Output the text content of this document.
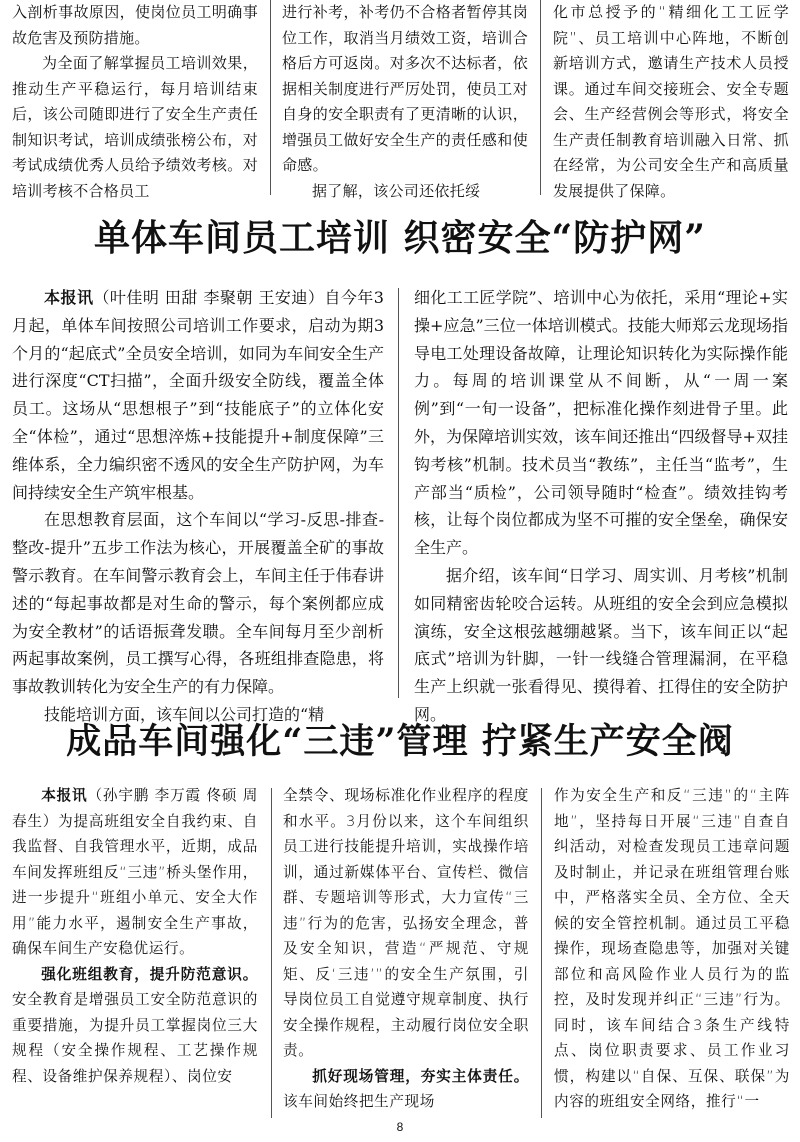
入剖析事故原因，使岗位员工明确事故危害及预防措施。

为全面了解掌握员工培训效果，推动生产平稳运行，每月培训结束后，该公司随即进行了安全生产责任制知识考试，培训成绩张榜公布，对考试成绩优秀人员给予绩效考核。对培训考核不合格员工

进行补考，补考仍不合格者暂停其岗位工作，取消当月绩效工资，培训合格后方可返岗。对多次不达标者，依据相关制度进行严厉处罚，使员工对自身的安全职责有了更清晰的认识，增强员工做好安全生产的责任感和使命感。

据了解，该公司还依托绥

化市总授予的“精细化工工匠学院”、员工培训中心阵地，不断创新培训方式，邀请生产技术人员授课。通过车间交接班会、安全专题会、生产经营例会等形式，将安全生产责任制教育培训融入日常、抓在经常，为公司安全生产和高质量发展提供了保障。

单体车间员工培训 织密安全“防护网”

本报讯（叶佳明 田甜 李聚朝 王安迪）自今年3月起，单体车间按照公司培训工作要求，启动为期3个月的“起底式”全员安全培训，如同为车间安全生产进行深度“CT扫描”，全面升级安全防线，覆盖全体员工。这场从“思想根子”到“技能底子”的立体化安全“体检”，通过“思想淬炼+技能提升+制度保障”三维体系，全力编织密不透风的安全生产防护网，为车间持续安全生产筑牢根基。

在思想教育层面，这个车间以“学习-反思-排查-整改-提升”五步工作法为核心，开展覆盖全矿的事故警示教育。在车间警示教育会上，车间主任于伟春讲述的“每起事故都是对生命的警示，每个案例都应成为安全教材”的话语振聋发聩。全车间每月至少剖析两起事故案例，员工撰写心得，各班组排查隐患，将事故教训转化为安全生产的有力保障。

技能培训方面，该车间以公司打造的“精

细化工工匠学院”、培训中心为依托，采用“理论+实操+应急”三位一体培训模式。技能大师郑云龙现场指导电工处理设备故障，让理论知识转化为实际操作能力。每周的培训课堂从不间断，从“一周一案例”到“一旬一设备”，把标准化操作刻进骨子里。此外，为保障培训实效，该车间还推出“四级督导+双挂钩考核”机制。技术员当“教练”，主任当“监考”，生产部当“质检”，公司领导随时“检查”。绩效挂钩考核，让每个岗位都成为坚不可摧的安全堡垒，确保安全生产。

据介绍，该车间“日学习、周实训、月考核”机制如同精密齿轮咬合运转。从班组的安全会到应急模拟演练，安全这根弦越绷越紧。当下，该车间正以“起底式”培训为针脚，一针一线缝合管理漏洞，在平稳生产上织就一张看得见、摸得着、扛得住的安全防护网。

成品车间强化“三违”管理 拧紧生产安全阀

本报讯（孙宇鹏 李万霞 佟硕 周春生）为提高班组安全自我约束、自我监督、自我管理水平，近期，成品车间发挥班组反“三违”桥头堡作用，进一步提升“班组小单元、安全大作用”能力水平，遏制安全生产事故，确保车间生产安稳优运行。

强化班组教育，提升防范意识。安全教育是增强员工安全防范意识的重要措施，为提升员工掌握岗位三大规程（安全操作规程、工艺操作规程、设备维护保养规程）、岗位安

全禁令、现场标准化作业程序的程度和水平。3月份以来，这个车间组织员工进行技能提升培训，实战操作培训，通过新媒体平台、宣传栏、微信群、专题培训等形式，大力宣传“三违”行为的危害，弘扬安全理念，普及安全知识，营造“严规范、守规矩、反‘三违’”的安全生产氛围，引导岗位员工自觉遵守规章制度、执行安全操作规程，主动履行岗位安全职责。

抓好现场管理，夯实主体责任。该车间始终把生产现场

作为安全生产和反“三违”的“主阵地”，坚持每日开展“三违”自查自纠活动，对检查发现员工违章问题及时制止，并记录在班组管理台账中，严格落实全员、全方位、全天候的安全管控机制。通过员工平稳操作，现场查隐患等，加强对关键部位和高风险作业人员行为的监控，及时发现并纠正“三违”行为。同时，该车间结合3条生产线特点、岗位职责要求、员工作业习惯，构建以“自保、互保、联保”为内容的班组安全网络，推行“一

8
